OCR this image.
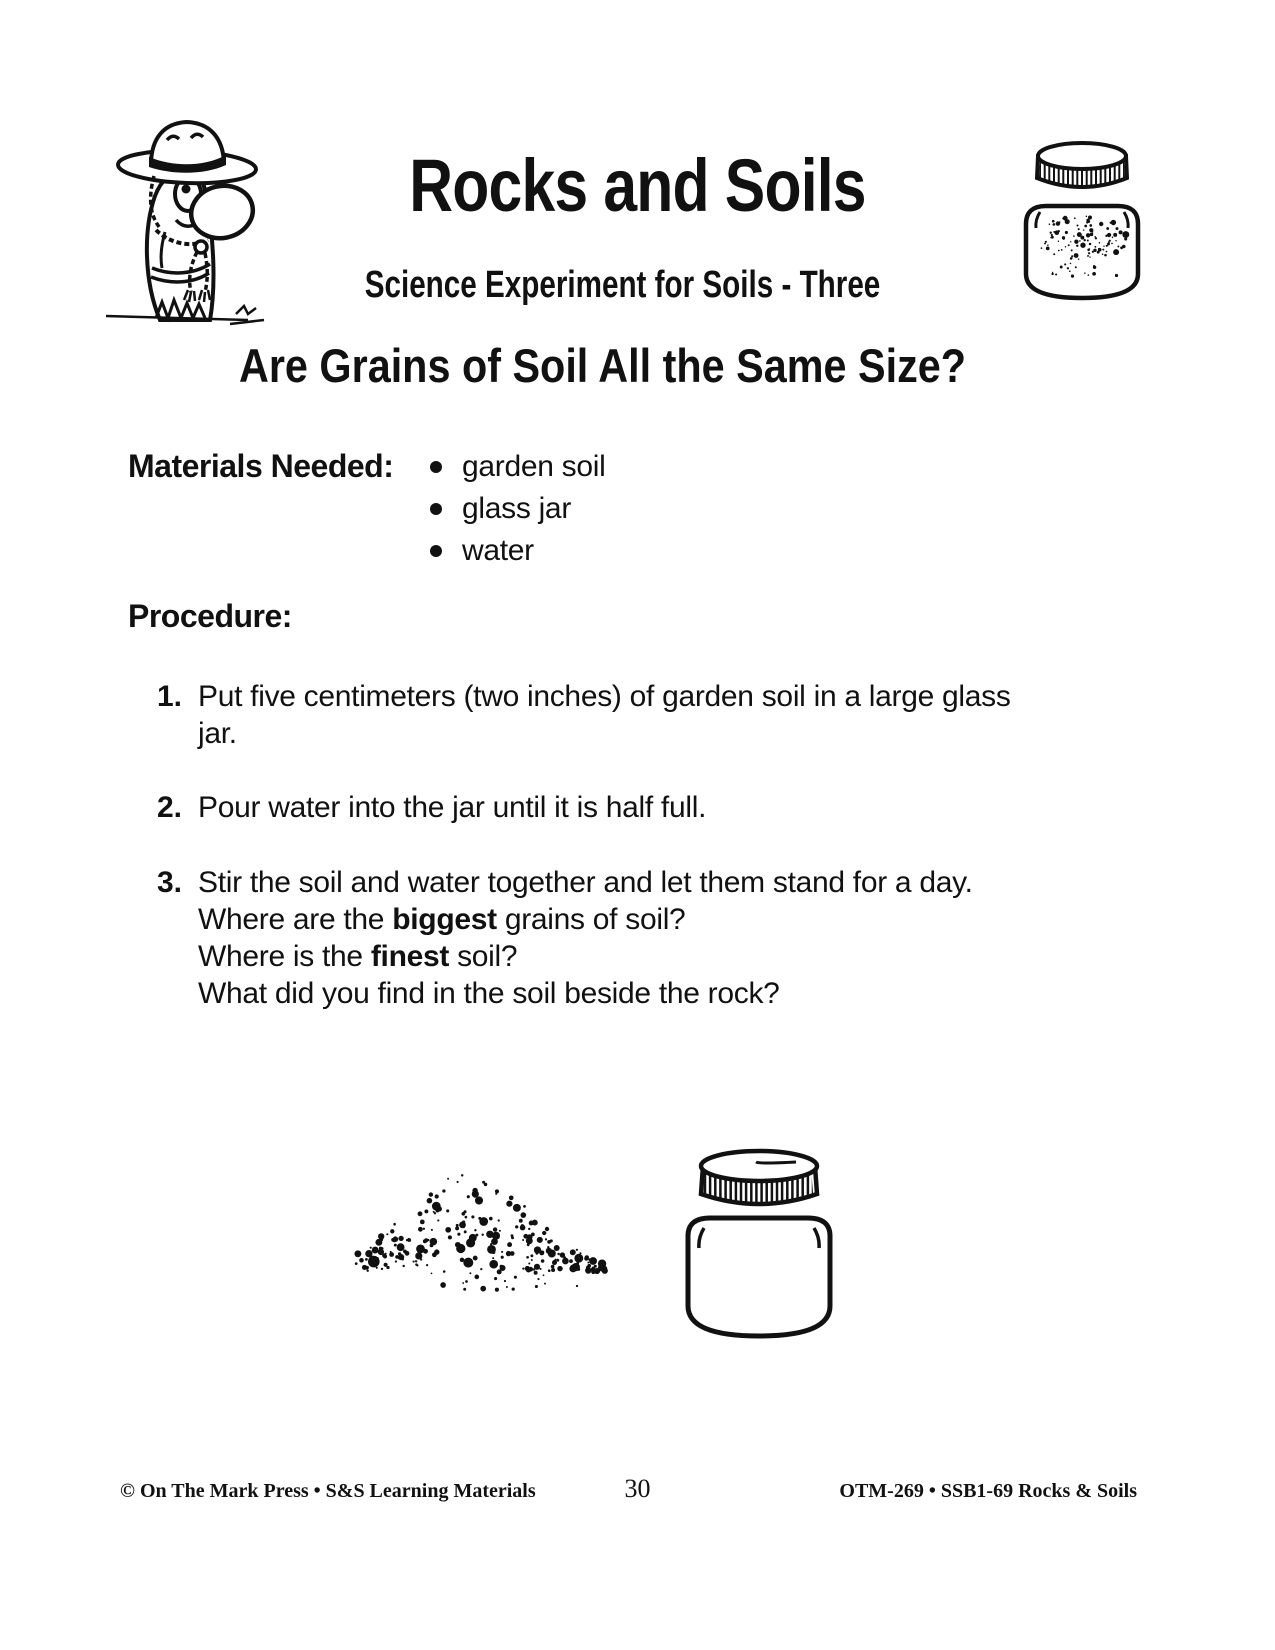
Rocks and Soils
Science Experiment for Soils - Three
Are Grains of Soil All the Same Size?
Materials Needed: garden soil
glass jar
water
Procedure:
1. Put five centimeters (two inches) of garden soil in a large glass
jar.
2. Pour water into the jar until it is half full.
3. Stir the soil and water together and let them stand for a day.
Where are the biggest grains of soil?
Where is the finest soil?
What did you find in the soil beside the rock?
© On The Mark Press • S&S Learning Materials	30	OTM-269 • SSB1-69 Rocks & Soils
